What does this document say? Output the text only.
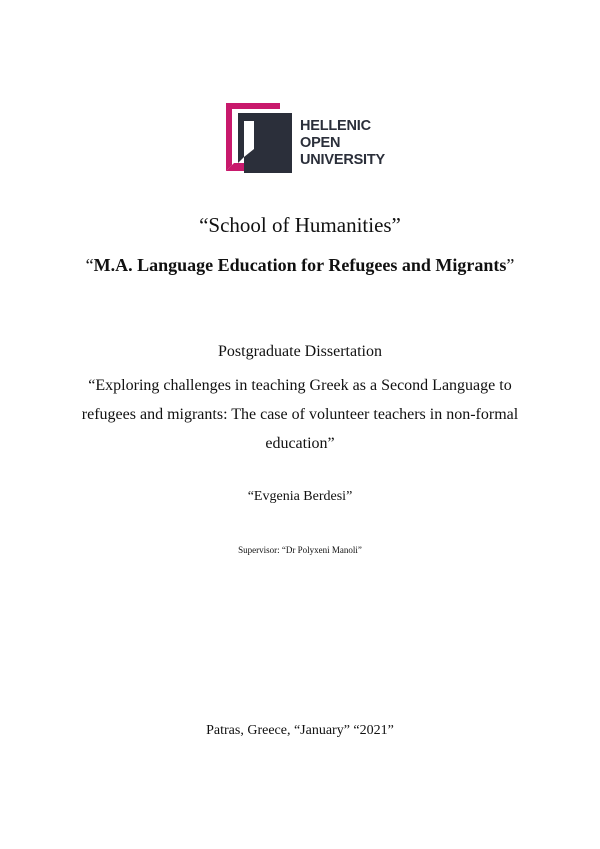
HELLENIC
OPEN
UNIVERSITY
“School of Humanities”
“M.A. Language Education for Refugees and Migrants”
Postgraduate Dissertation
“Exploring challenges in teaching Greek as a Second Language to refugees and migrants: The case of volunteer teachers in non-formal education”
“Evgenia Berdesi”
Supervisor: “Dr Polyxeni Manoli”
Patras, Greece, “January” “2021”
